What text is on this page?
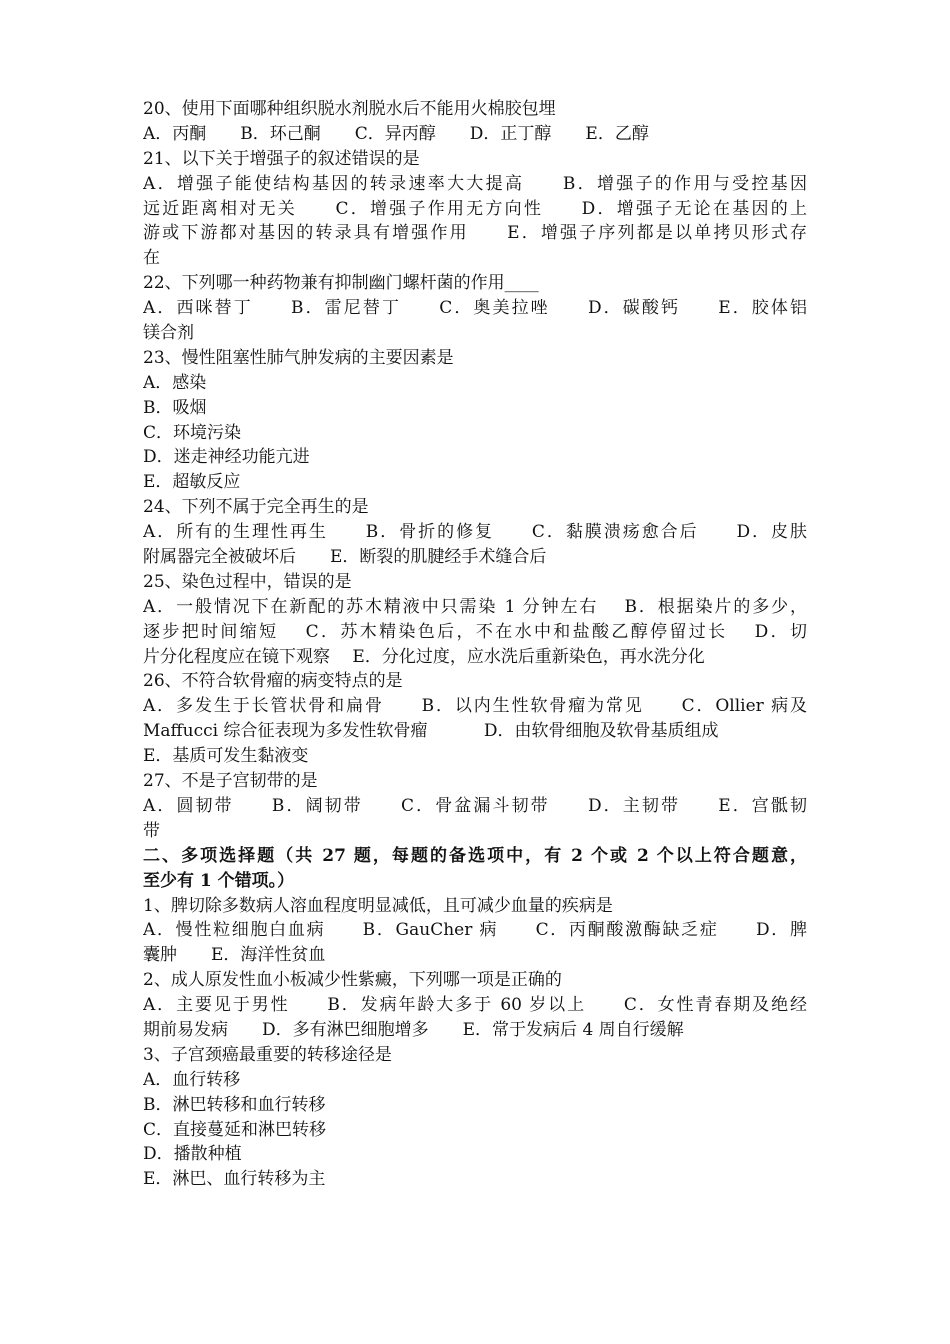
20、使用下面哪种组织脱水剂脱水后不能用火棉胶包埋
A．丙酮　　B．环己酮　　C．异丙醇　　D．正丁醇　　E．乙醇
21、以下关于增强子的叙述错误的是
A．增强子能使结构基因的转录速率大大提高　　B．增强子的作用与受控基因
远近距离相对无关　　C．增强子作用无方向性　　D．增强子无论在基因的上
游或下游都对基因的转录具有增强作用　　E．增强子序列都是以单拷贝形式存
在
22、下列哪一种药物兼有抑制幽门螺杆菌的作用____
A．西咪替丁　　B．雷尼替丁　　C．奥美拉唑　　D．碳酸钙　　E．胶体铝
镁合剂
23、慢性阻塞性肺气肿发病的主要因素是
A．感染
B．吸烟
C．环境污染
D．迷走神经功能亢进
E．超敏反应
24、下列不属于完全再生的是
A．所有的生理性再生　　B．骨折的修复　　C．黏膜溃疡愈合后　　D．皮肤
附属器完全被破坏后　　E．断裂的肌腱经手术缝合后
25、染色过程中，错误的是
A．一般情况下在新配的苏木精液中只需染 1 分钟左右　 B．根据染片的多少，
逐步把时间缩短　 C．苏木精染色后，不在水中和盐酸乙醇停留过长　 D．切
片分化程度应在镜下观察　 E．分化过度，应水洗后重新染色，再水洗分化
26、不符合软骨瘤的病变特点的是
A．多发生于长管状骨和扁骨　　B．以内生性软骨瘤为常见　　C．Ollier 病及
Maffucci 综合征表现为多发性软骨瘤　　　 D．由软骨细胞及软骨基质组成
E．基质可发生黏液变
27、不是子宫韧带的是
A．圆韧带　　B．阔韧带　　C．骨盆漏斗韧带　　D．主韧带　　E．宫骶韧
带
二、多项选择题（共 27 题，每题的备选项中，有 2 个或 2 个以上符合题意，
至少有 1 个错项。）
1、脾切除多数病人溶血程度明显减低，且可减少血量的疾病是
A．慢性粒细胞白血病　　B．GauCher 病　　C．丙酮酸激酶缺乏症　　D．脾
囊肿　　E．海洋性贫血
2、成人原发性血小板减少性紫癜，下列哪一项是正确的
A．主要见于男性　　B．发病年龄大多于 60 岁以上　　C．女性青春期及绝经
期前易发病　　D．多有淋巴细胞增多　　E．常于发病后 4 周自行缓解
3、子宫颈癌最重要的转移途径是
A．血行转移
B．淋巴转移和血行转移
C．直接蔓延和淋巴转移
D．播散种植
E．淋巴、血行转移为主
